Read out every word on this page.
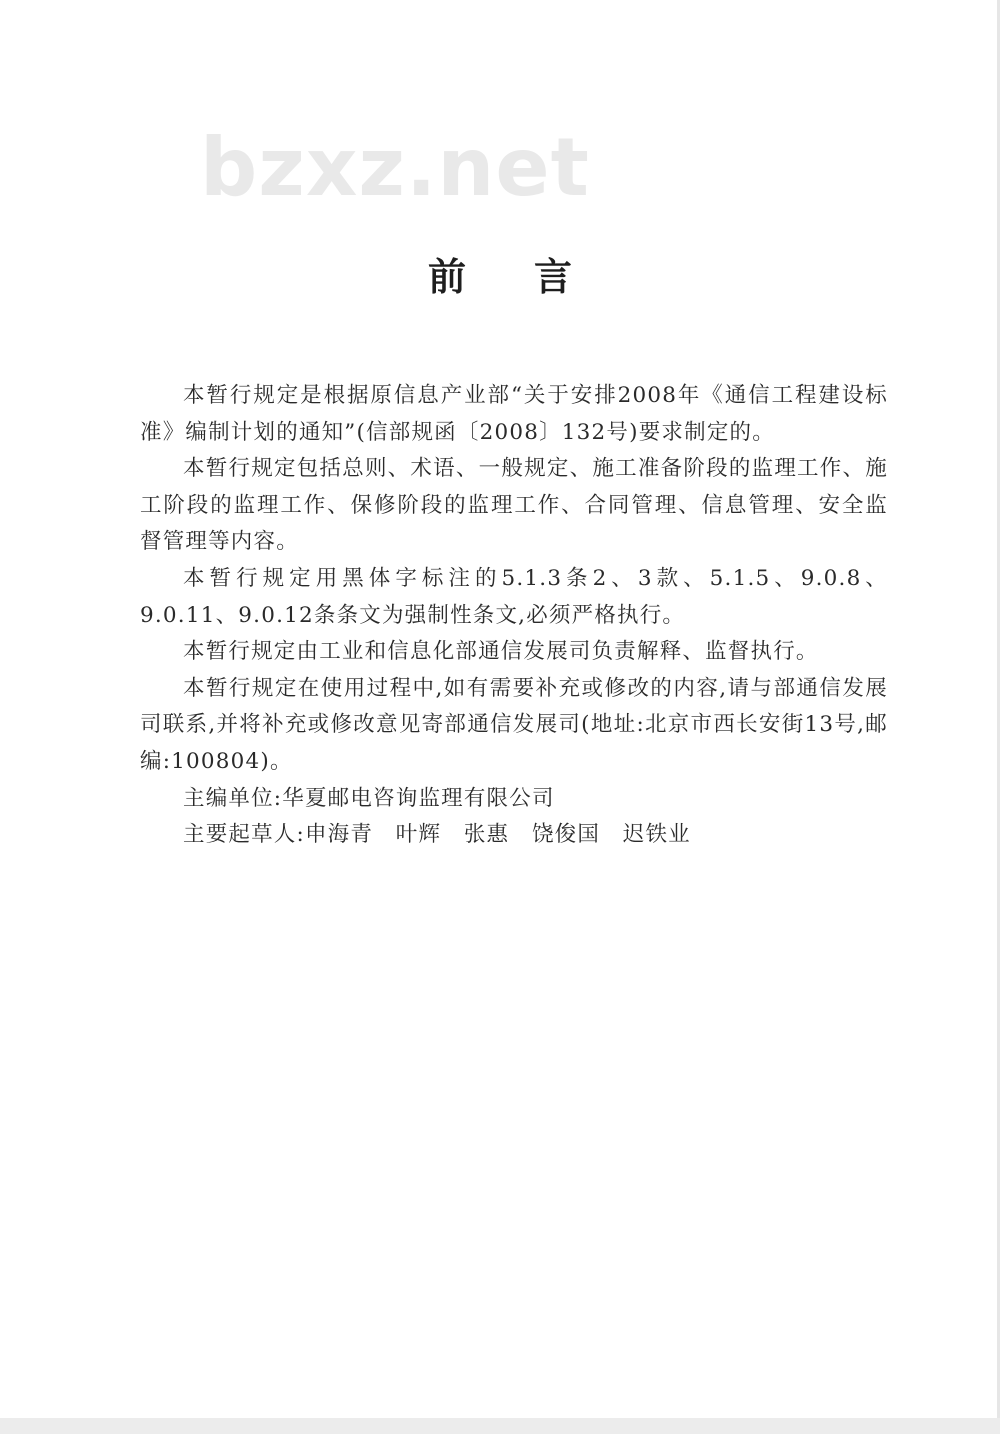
bzxz.net
前 言

本暂行规定是根据原信息产业部“关于安排2008年《通信工程建设标准》编制计划的通知”(信部规函〔2008〕132号)要求制定的。

本暂行规定包括总则、术语、一般规定、施工准备阶段的监理工作、施工阶段的监理工作、保修阶段的监理工作、合同管理、信息管理、安全监督管理等内容。

本暂行规定用黑体字标注的5.1.3条2、3款、5.1.5、9.0.8、9.0.11、9.0.12条条文为强制性条文,必须严格执行。

本暂行规定由工业和信息化部通信发展司负责解释、监督执行。

本暂行规定在使用过程中,如有需要补充或修改的内容,请与部通信发展司联系,并将补充或修改意见寄部通信发展司(地址:北京市西长安街13号,邮编:100804)。

主编单位:华夏邮电咨询监理有限公司

主要起草人:申海青　叶辉　张惠　饶俊国　迟铁业
